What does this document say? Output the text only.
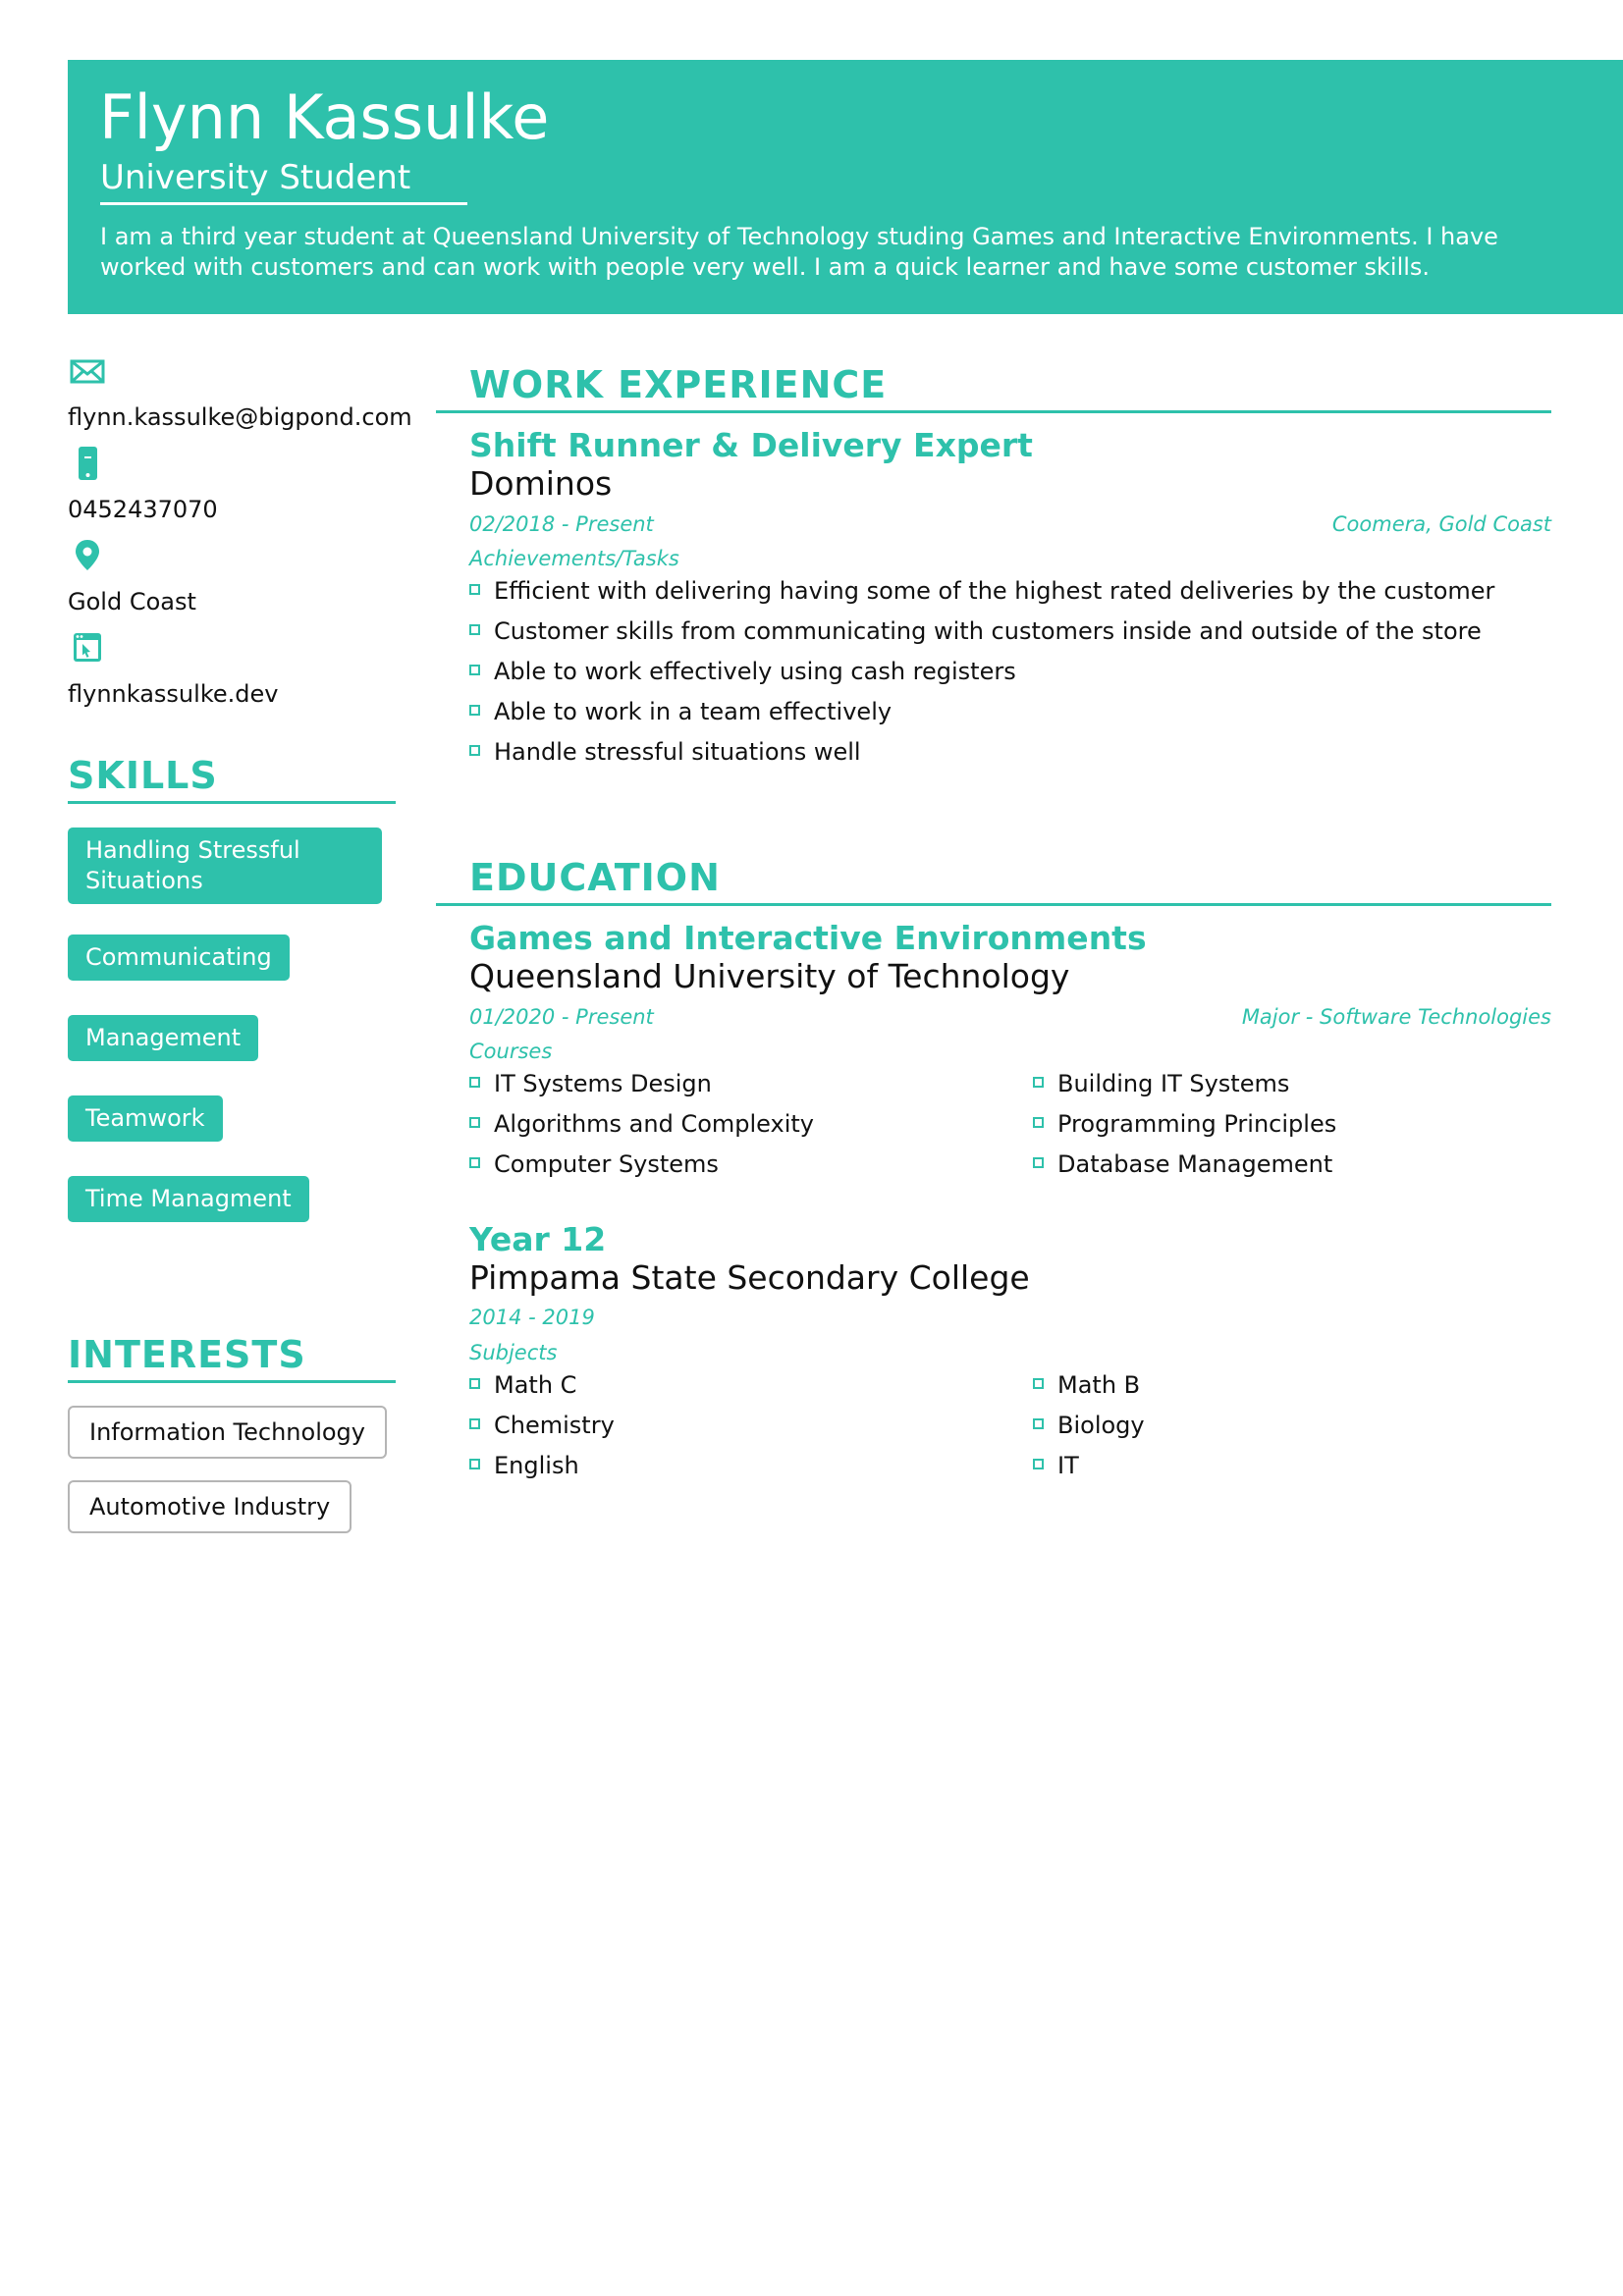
Flynn Kassulke
University Student
I am a third year student at Queensland University of Technology studing Games and Interactive Environments. I have worked with customers and can work with people very well. I am a quick learner and have some customer skills.
flynn.kassulke@bigpond.com
0452437070
Gold Coast
flynnkassulke.dev
SKILLS
Handling Stressful Situations
Communicating
Management
Teamwork
Time Managment
INTERESTS
Information Technology
Automotive Industry
WORK EXPERIENCE
Shift Runner & Delivery Expert
Dominos
02/2018 - Present	Coomera, Gold Coast
Achievements/Tasks
Efficient with delivering having some of the highest rated deliveries by the customer
Customer skills from communicating with customers inside and outside of the store
Able to work effectively using cash registers
Able to work in a team effectively
Handle stressful situations well
EDUCATION
Games and Interactive Environments
Queensland University of Technology
01/2020 - Present	Major - Software Technologies
Courses
IT Systems Design
Algorithms and Complexity
Computer Systems
Building IT Systems
Programming Principles
Database Management
Year 12
Pimpama State Secondary College
2014 - 2019
Subjects
Math C
Chemistry
English
Math B
Biology
IT
